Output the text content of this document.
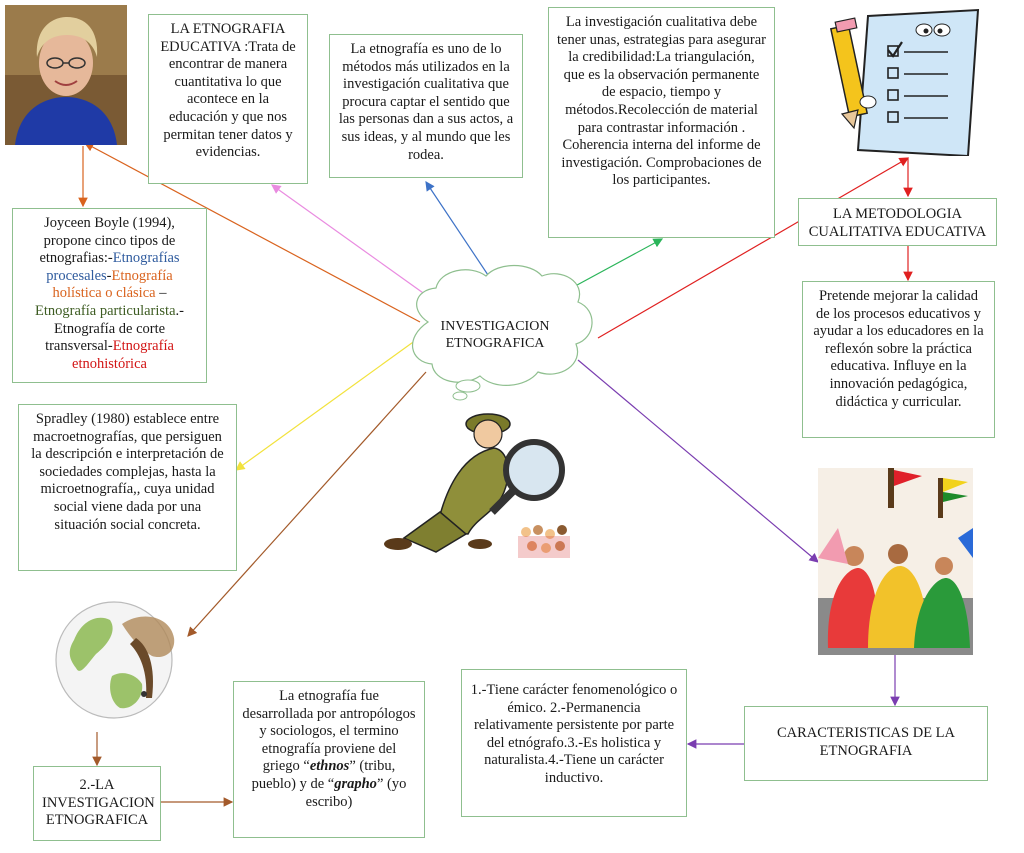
INVESTIGACION
ETNOGRAFICA

LA ETNOGRAFIA EDUCATIVA :Trata de encontrar de manera cuantitativa lo que acontece en la educación y que nos permitan tener datos y evidencias.

La etnografía es uno de lo métodos más utilizados en la investigación cualitativa que procura captar el sentido que las personas dan a sus actos, a sus ideas, y al mundo que les rodea.

La investigación cualitativa debe tener unas, estrategias para asegurar la credibilidad:La triangulación, que es la observación permanente de espacio, tiempo y métodos.Recolección de material para contrastar información . Coherencia interna del informe de investigación. Comprobaciones de los participantes.

LA METODOLOGIA CUALITATIVA EDUCATIVA

Pretende mejorar la calidad de los procesos educativos y ayudar a los educadores en la reflexón sobre la práctica educativa. Influye en la innovación pedagógica, didáctica y curricular.

Joyceen Boyle (1994), propone cinco tipos de etnografias:-Etnografías procesales-Etnografía holística o clásica – Etnografía particularista.-Etnografía de corte transversal-Etnografía etnohistórica

Spradley (1980) establece entre macroetnografías, que persiguen la descripción e interpretación de sociedades complejas, hasta la microetnografía,, cuya unidad social viene dada por una situación social concreta.

2.-LA INVESTIGACION ETNOGRAFICA

La etnografía fue desarrollada por antropólogos y sociologos, el termino etnografía proviene del griego “ethnos” (tribu, pueblo) y de “grapho” (yo escribo)

1.-Tiene carácter fenomenológico o émico. 2.-Permanencia relativamente persistente por parte del etnógrafo.3.-Es holistica y naturalista.4.-Tiene un carácter inductivo.

CARACTERISTICAS DE LA ETNOGRAFIA
